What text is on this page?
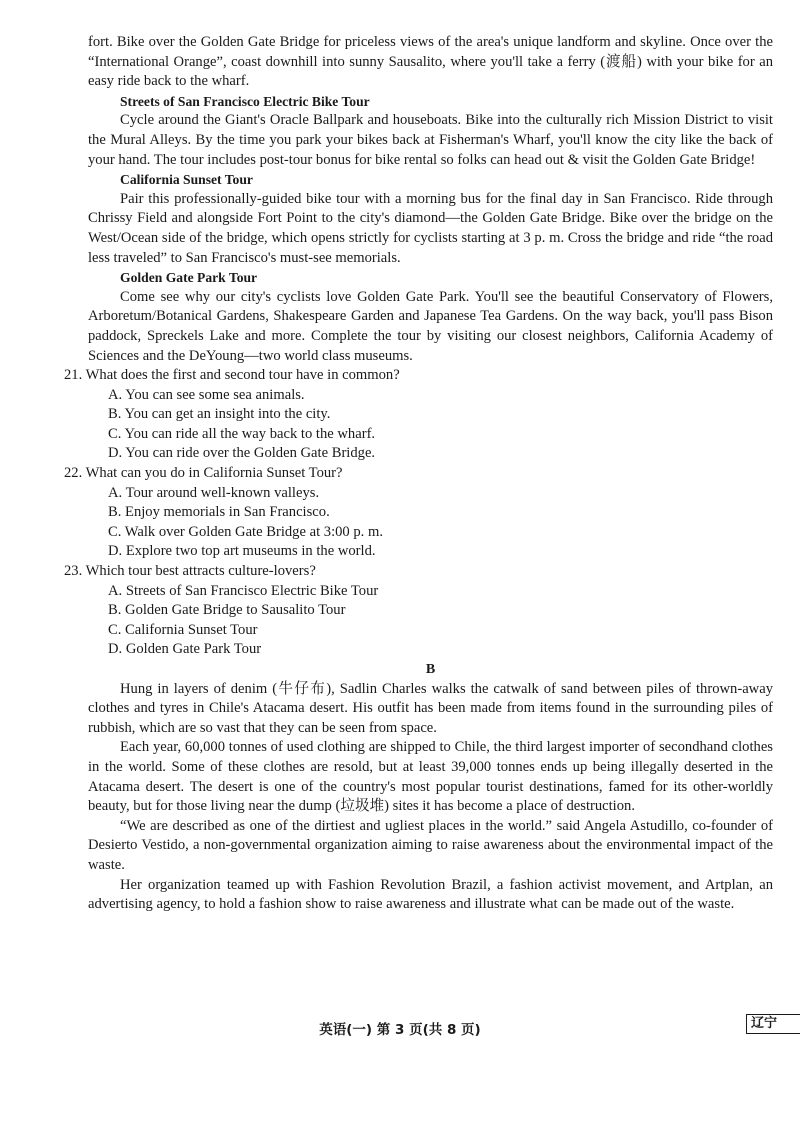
fort. Bike over the Golden Gate Bridge for priceless views of the area's unique landform and skyline. Once over the “International Orange”, coast downhill into sunny Sausalito, where you'll take a ferry (渡船) with your bike for an easy ride back to the wharf.

Streets of San Francisco Electric Bike Tour

Cycle around the Giant's Oracle Ballpark and houseboats. Bike into the culturally rich Mission District to visit the Mural Alleys. By the time you park your bikes back at Fisherman's Wharf, you'll know the city like the back of your hand. The tour includes post-tour bonus for bike rental so folks can head out & visit the Golden Gate Bridge!

California Sunset Tour

Pair this professionally-guided bike tour with a morning bus for the final day in San Francisco. Ride through Chrissy Field and alongside Fort Point to the city's diamond—the Golden Gate Bridge. Bike over the bridge on the West/Ocean side of the bridge, which opens strictly for cyclists starting at 3 p. m. Cross the bridge and ride “the road less traveled” to San Francisco's must-see memorials.

Golden Gate Park Tour

Come see why our city's cyclists love Golden Gate Park. You'll see the beautiful Conservatory of Flowers, Arboretum/Botanical Gardens, Shakespeare Garden and Japanese Tea Gardens. On the way back, you'll pass Bison paddock, Spreckels Lake and more. Complete the tour by visiting our closest neighbors, California Academy of Sciences and the DeYoung—two world class museums.

21. What does the first and second tour have in common?

A. You can see some sea animals.

B. You can get an insight into the city.

C. You can ride all the way back to the wharf.

D. You can ride over the Golden Gate Bridge.

22. What can you do in California Sunset Tour?

A. Tour around well-known valleys.

B. Enjoy memorials in San Francisco.

C. Walk over Golden Gate Bridge at 3:00 p. m.

D. Explore two top art museums in the world.

23. Which tour best attracts culture-lovers?

A. Streets of San Francisco Electric Bike Tour

B. Golden Gate Bridge to Sausalito Tour

C. California Sunset Tour

D. Golden Gate Park Tour

B

Hung in layers of denim (牛仔布), Sadlin Charles walks the catwalk of sand between piles of thrown-away clothes and tyres in Chile's Atacama desert. His outfit has been made from items found in the surrounding piles of rubbish, which are so vast that they can be seen from space.

Each year, 60,000 tonnes of used clothing are shipped to Chile, the third largest importer of secondhand clothes in the world. Some of these clothes are resold, but at least 39,000 tonnes ends up being illegally deserted in the Atacama desert. The desert is one of the country's most popular tourist destinations, famed for its other-worldly beauty, but for those living near the dump (垃圾堆) sites it has become a place of destruction.

“We are described as one of the dirtiest and ugliest places in the world.” said Angela Astudillo, co-founder of Desierto Vestido, a non-governmental organization aiming to raise awareness about the environmental impact of the waste.

Her organization teamed up with Fashion Revolution Brazil, a fashion activist movement, and Artplan, an advertising agency, to hold a fashion show to raise awareness and illustrate what can be made out of the waste.

英语(一) 第 3 页(共 8 页)	辽宁
